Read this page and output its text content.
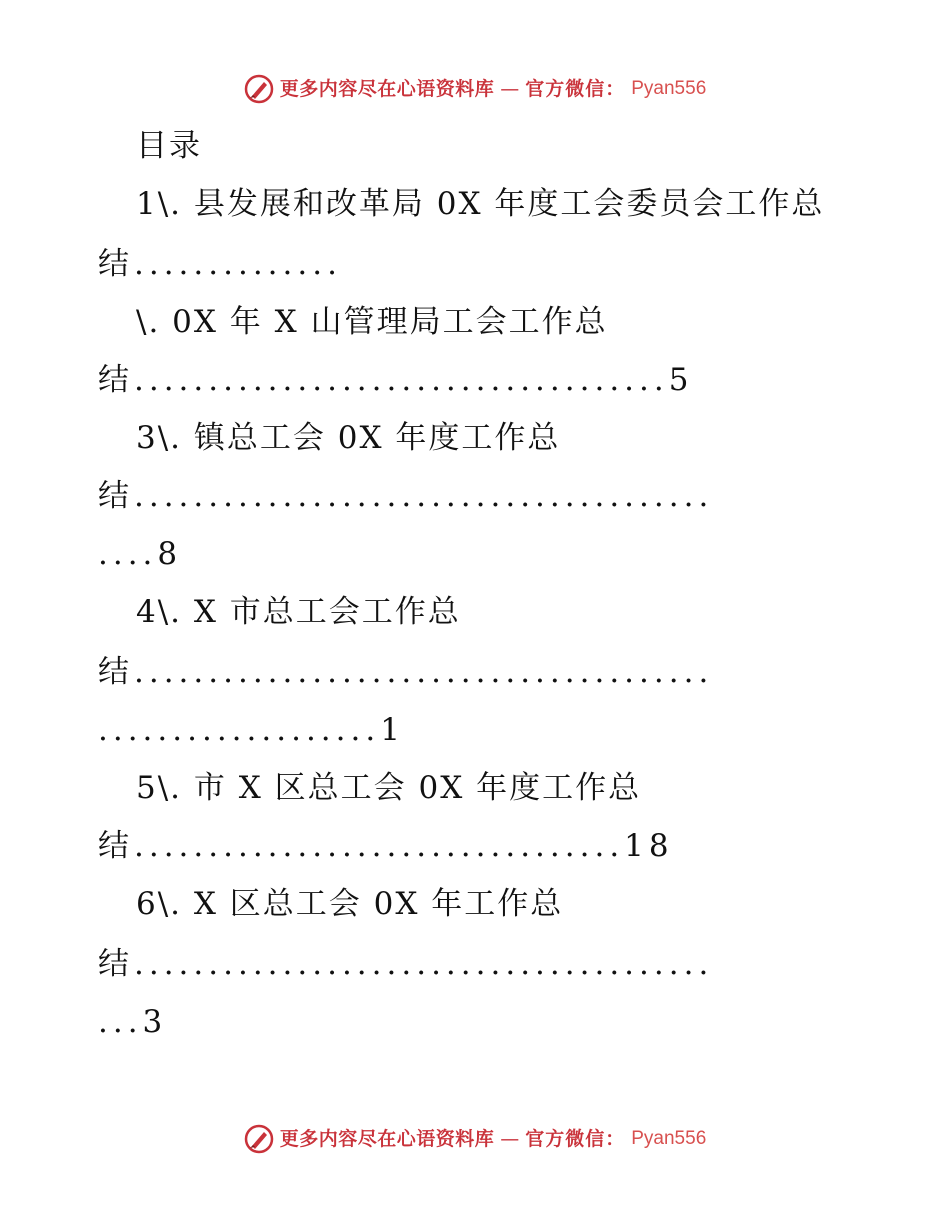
更多内容尽在心语资料库 — 官方微信： Pyan556
目录
1\. 县发展和改革局 0X 年度工会委员会工作总
结..............
\. 0X 年 X 山管理局工会工作总
结....................................5
3\. 镇总工会 0X 年度工作总
结.......................................
....8
4\. X 市总工会工作总
结.......................................
...................1
5\. 市 X 区总工会 0X 年度工作总
结.................................18
6\. X 区总工会 0X 年工作总
结.......................................
...3
更多内容尽在心语资料库 — 官方微信： Pyan556
